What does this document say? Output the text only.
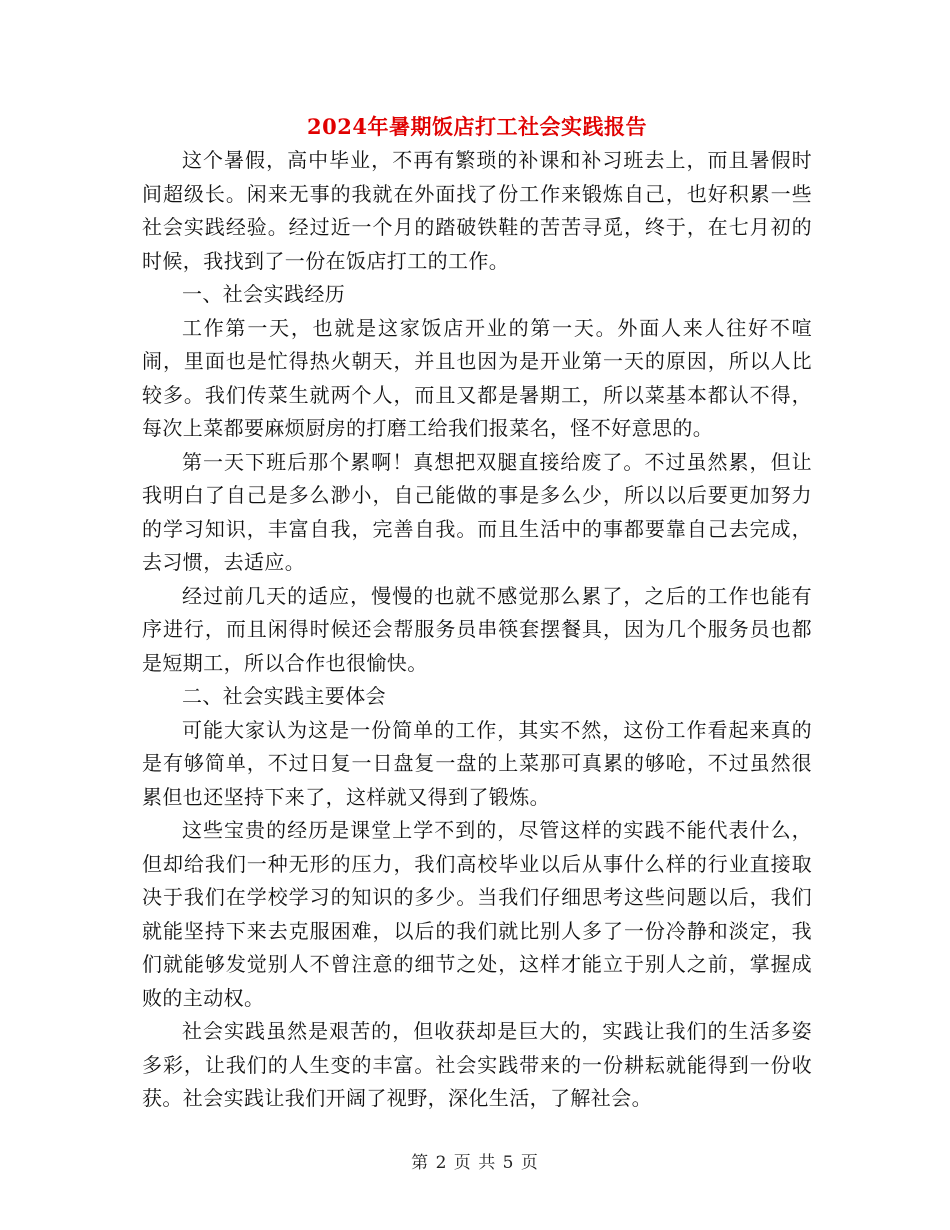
2024年暑期饭店打工社会实践报告

这个暑假，高中毕业，不再有繁琐的补课和补习班去上，而且暑假时间超级长。闲来无事的我就在外面找了份工作来锻炼自己，也好积累一些社会实践经验。经过近一个月的踏破铁鞋的苦苦寻觅，终于，在七月初的时候，我找到了一份在饭店打工的工作。

一、社会实践经历

工作第一天，也就是这家饭店开业的第一天。外面人来人往好不喧闹，里面也是忙得热火朝天，并且也因为是开业第一天的原因，所以人比较多。我们传菜生就两个人，而且又都是暑期工，所以菜基本都认不得，每次上菜都要麻烦厨房的打磨工给我们报菜名，怪不好意思的。

第一天下班后那个累啊！真想把双腿直接给废了。不过虽然累，但让我明白了自己是多么渺小，自己能做的事是多么少，所以以后要更加努力的学习知识，丰富自我，完善自我。而且生活中的事都要靠自己去完成，去习惯，去适应。

经过前几天的适应，慢慢的也就不感觉那么累了，之后的工作也能有序进行，而且闲得时候还会帮服务员串筷套摆餐具，因为几个服务员也都是短期工，所以合作也很愉快。

二、社会实践主要体会

可能大家认为这是一份简单的工作，其实不然，这份工作看起来真的是有够简单，不过日复一日盘复一盘的上菜那可真累的够呛，不过虽然很累但也还坚持下来了，这样就又得到了锻炼。

这些宝贵的经历是课堂上学不到的，尽管这样的实践不能代表什么，但却给我们一种无形的压力，我们高校毕业以后从事什么样的行业直接取决于我们在学校学习的知识的多少。当我们仔细思考这些问题以后，我们就能坚持下来去克服困难，以后的我们就比别人多了一份冷静和淡定，我们就能够发觉别人不曾注意的细节之处，这样才能立于别人之前，掌握成败的主动权。

社会实践虽然是艰苦的，但收获却是巨大的，实践让我们的生活多姿多彩，让我们的人生变的丰富。社会实践带来的一份耕耘就能得到一份收获。社会实践让我们开阔了视野，深化生活，了解社会。

第 2 页 共 5 页
